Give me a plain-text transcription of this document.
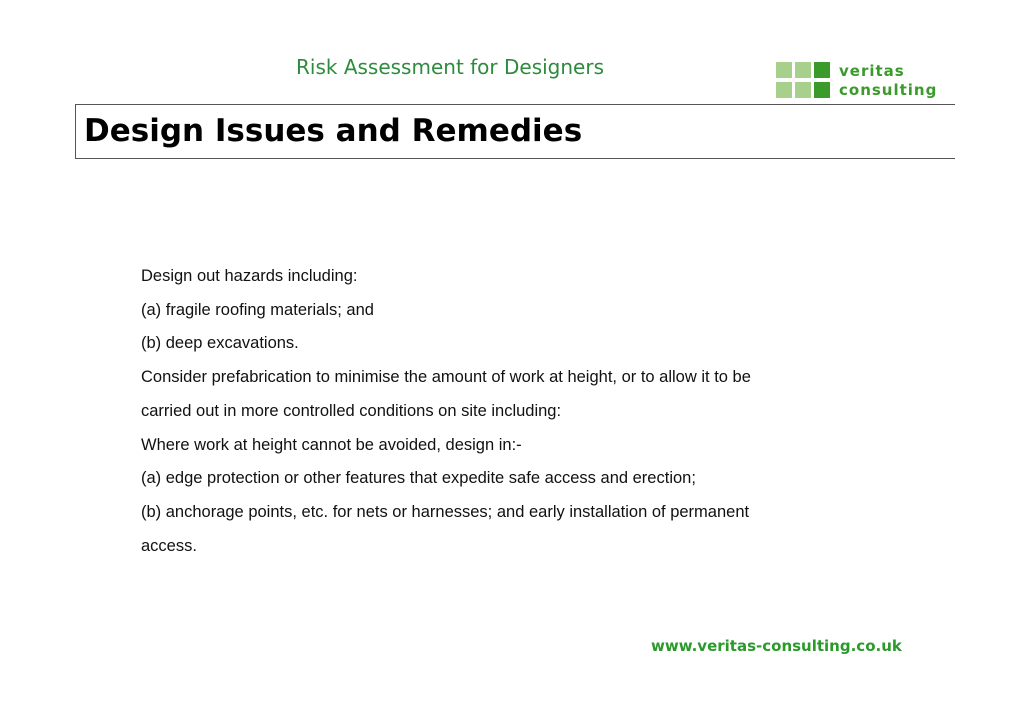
Risk Assessment for Designers	veritas
consulting
Design Issues and Remedies
Design out hazards including:
(a) fragile roofing materials; and
(b) deep excavations.
Consider prefabrication to minimise the amount of work at height, or to allow it to be
carried out in more controlled conditions on site including:
Where work at height cannot be avoided, design in:-
(a) edge protection or other features that expedite safe access and erection;
(b) anchorage points, etc. for nets or harnesses; and early installation of permanent
access.
www.veritas-consulting.co.uk
